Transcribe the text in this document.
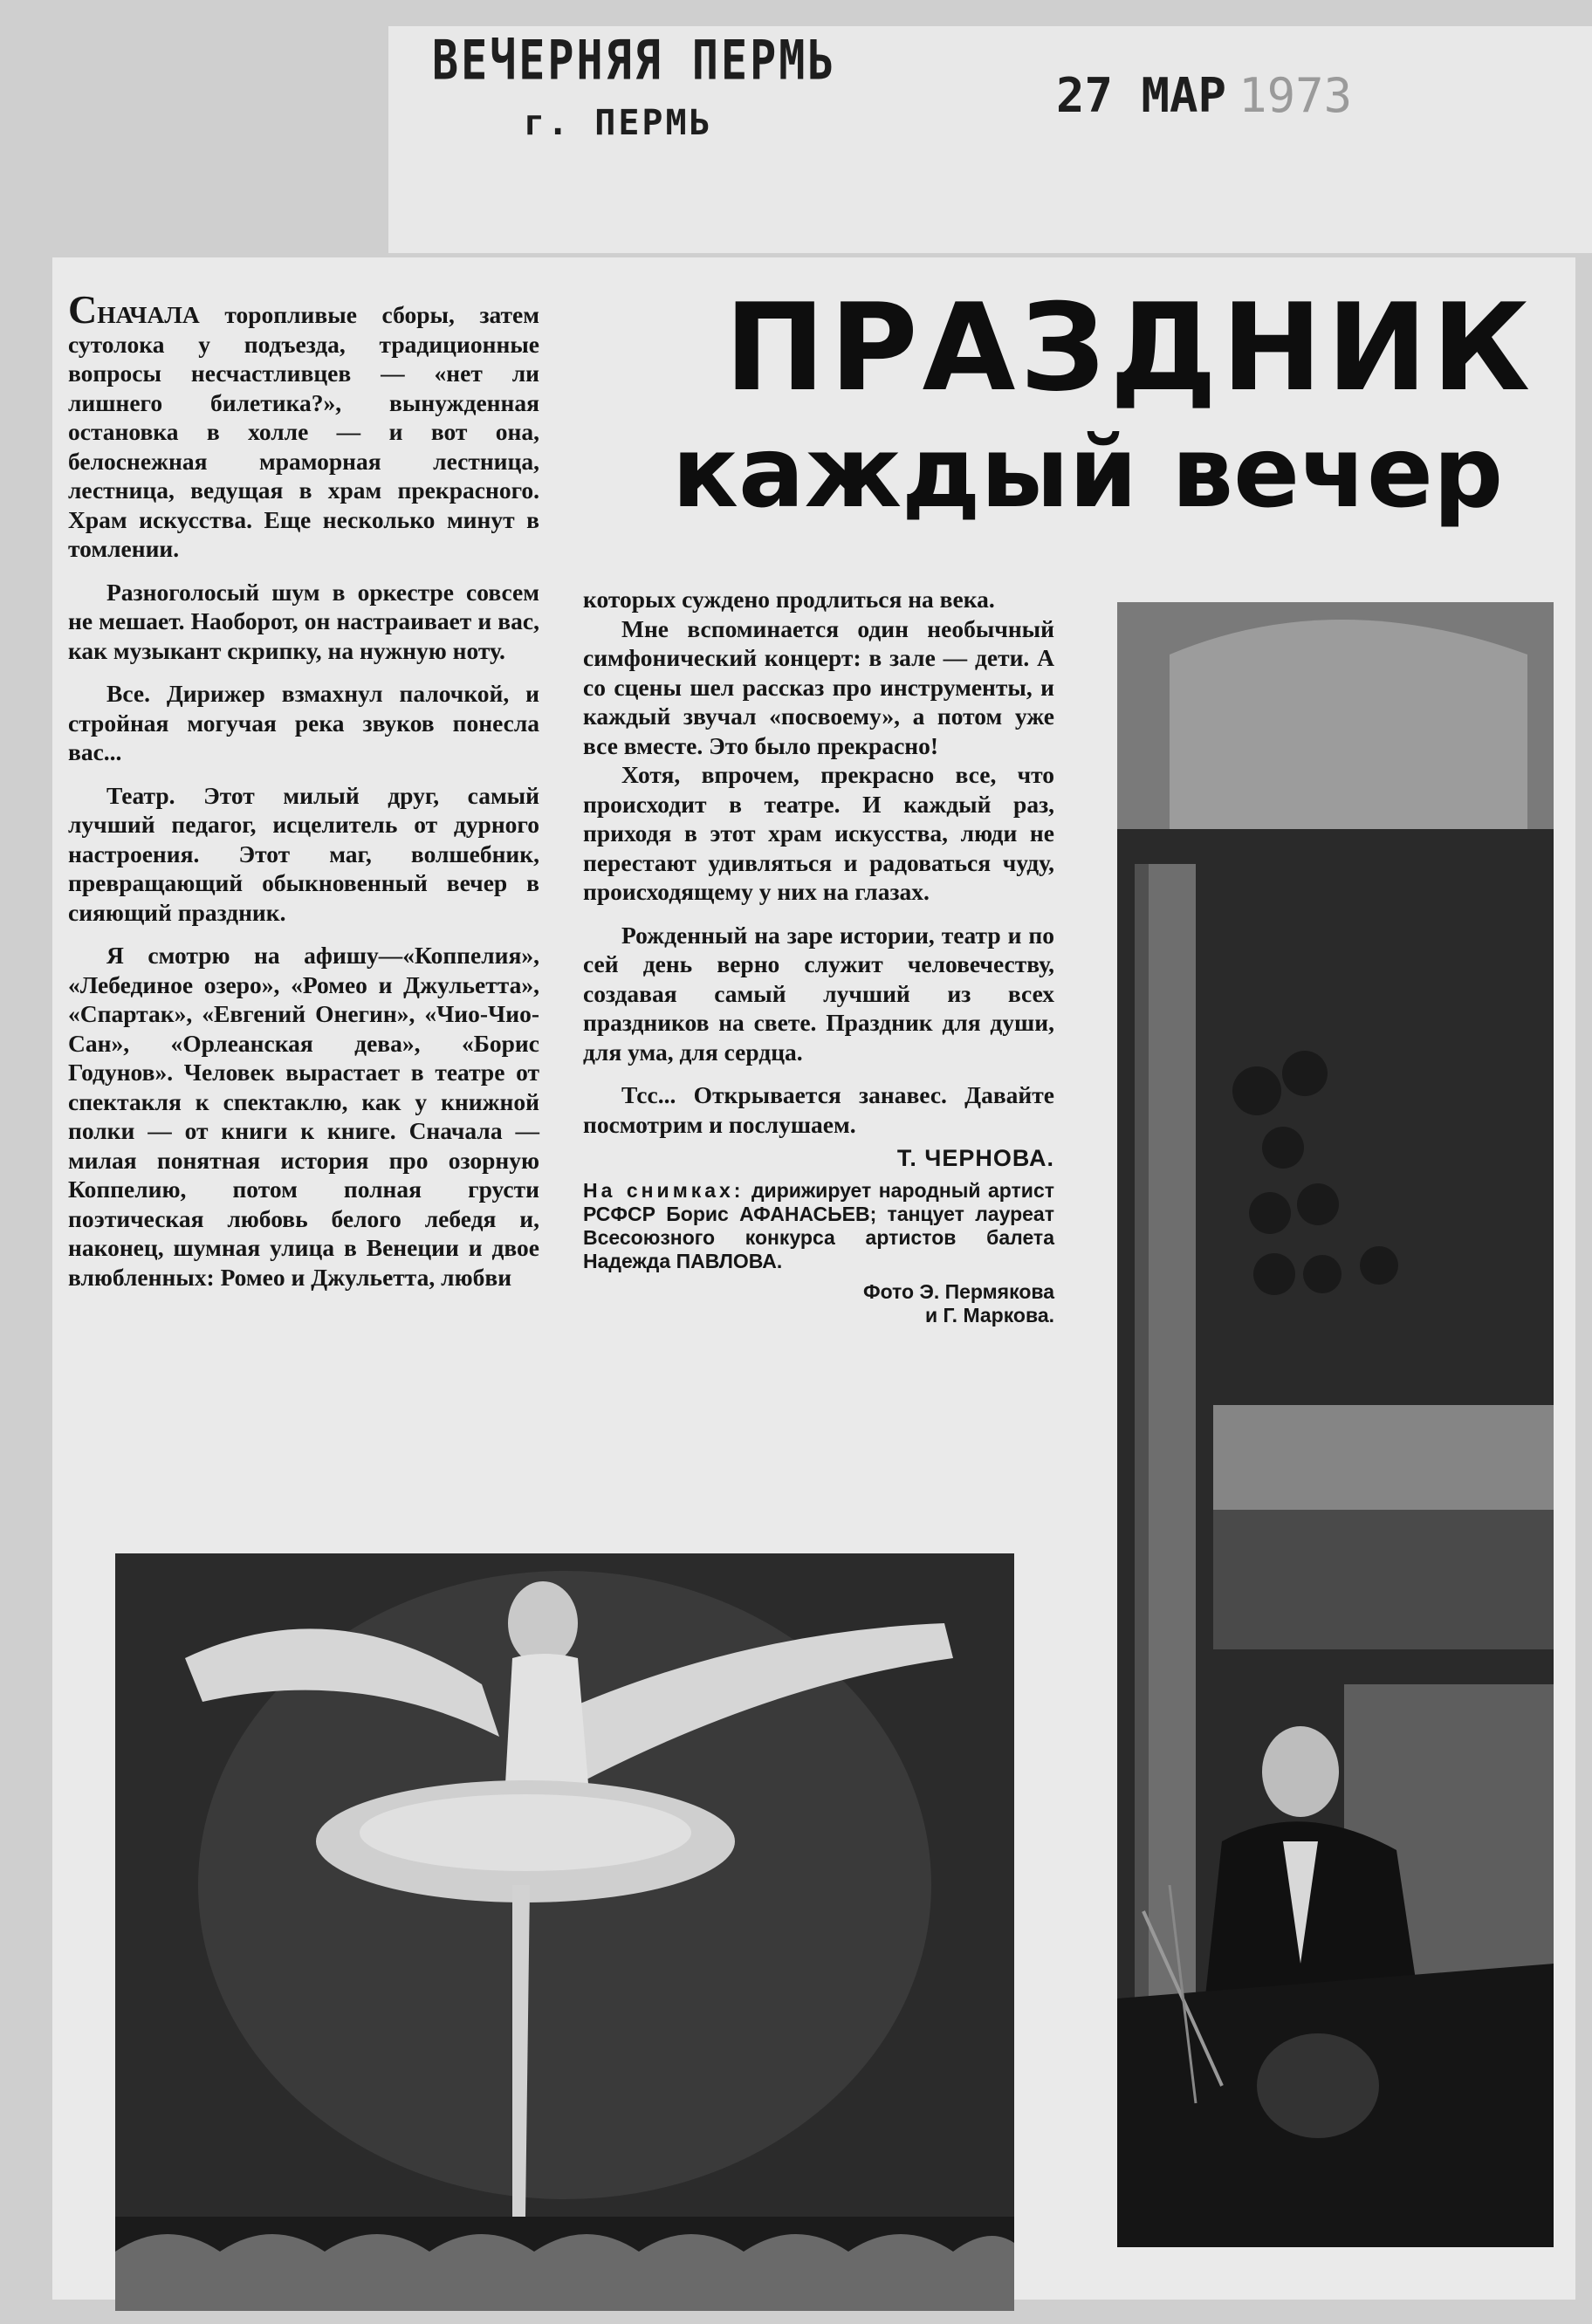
ВЕЧЕРНЯЯ ПЕРМЬ
г. ПЕРМЬ	27 МАР 1973
ПРАЗДНИК
каждый вечер

СНАЧАЛА торопливые сборы, затем сутолока у подъезда, традиционные вопросы несчастливцев — «нет ли лишнего билетика?», вынужденная остановка в холле — и вот она, белоснежная мраморная лестница, лестница, ведущая в храм прекрасного. Храм искусства. Еще несколько минут в томлении.

Разноголосый шум в оркестре совсем не мешает. Наоборот, он настраивает и вас, как музыкант скрипку, на нужную ноту.

Все. Дирижер взмахнул палочкой, и стройная могучая река звуков понесла вас...

Театр. Этот милый друг, самый лучший педагог, исцелитель от дурного настроения. Этот маг, волшебник, превращающий обыкновенный вечер в сияющий праздник.

Я смотрю на афишу—«Коппелия», «Лебединое озеро», «Ромео и Джульетта», «Спартак», «Евгений Онегин», «Чио-Чио-Сан», «Орлеанская дева», «Борис Годунов». Человек вырастает в театре от спектакля к спектаклю, как у книжной полки — от книги к книге. Сначала — милая понятная история про озорную Коппелию, потом полная грусти поэтическая любовь белого лебедя и, наконец, шумная улица в Венеции и двое влюбленных: Ромео и Джульетта, любви

которых суждено продлиться на века.

Мне вспоминается один необычный симфонический концерт: в зале — дети. А со сцены шел рассказ про инструменты, и каждый звучал «посвоему», а потом уже все вместе. Это было прекрасно!

Хотя, впрочем, прекрасно все, что происходит в театре. И каждый раз, приходя в этот храм искусства, люди не перестают удивляться и радоваться чуду, происходящему у них на глазах.

Рожденный на заре истории, театр и по сей день верно служит человечеству, создавая самый лучший из всех праздников на свете. Праздник для души, для ума, для сердца.

Тсс... Открывается занавес. Давайте посмотрим и послушаем.

Т. ЧЕРНОВА.
На снимках: дирижирует народный артист РСФСР Борис АФАНАСЬЕВ; танцует лауреат Всесоюзного конкурса артистов балета Надежда ПАВЛОВА.
Фото Э. Пермякова
и Г. Маркова.
